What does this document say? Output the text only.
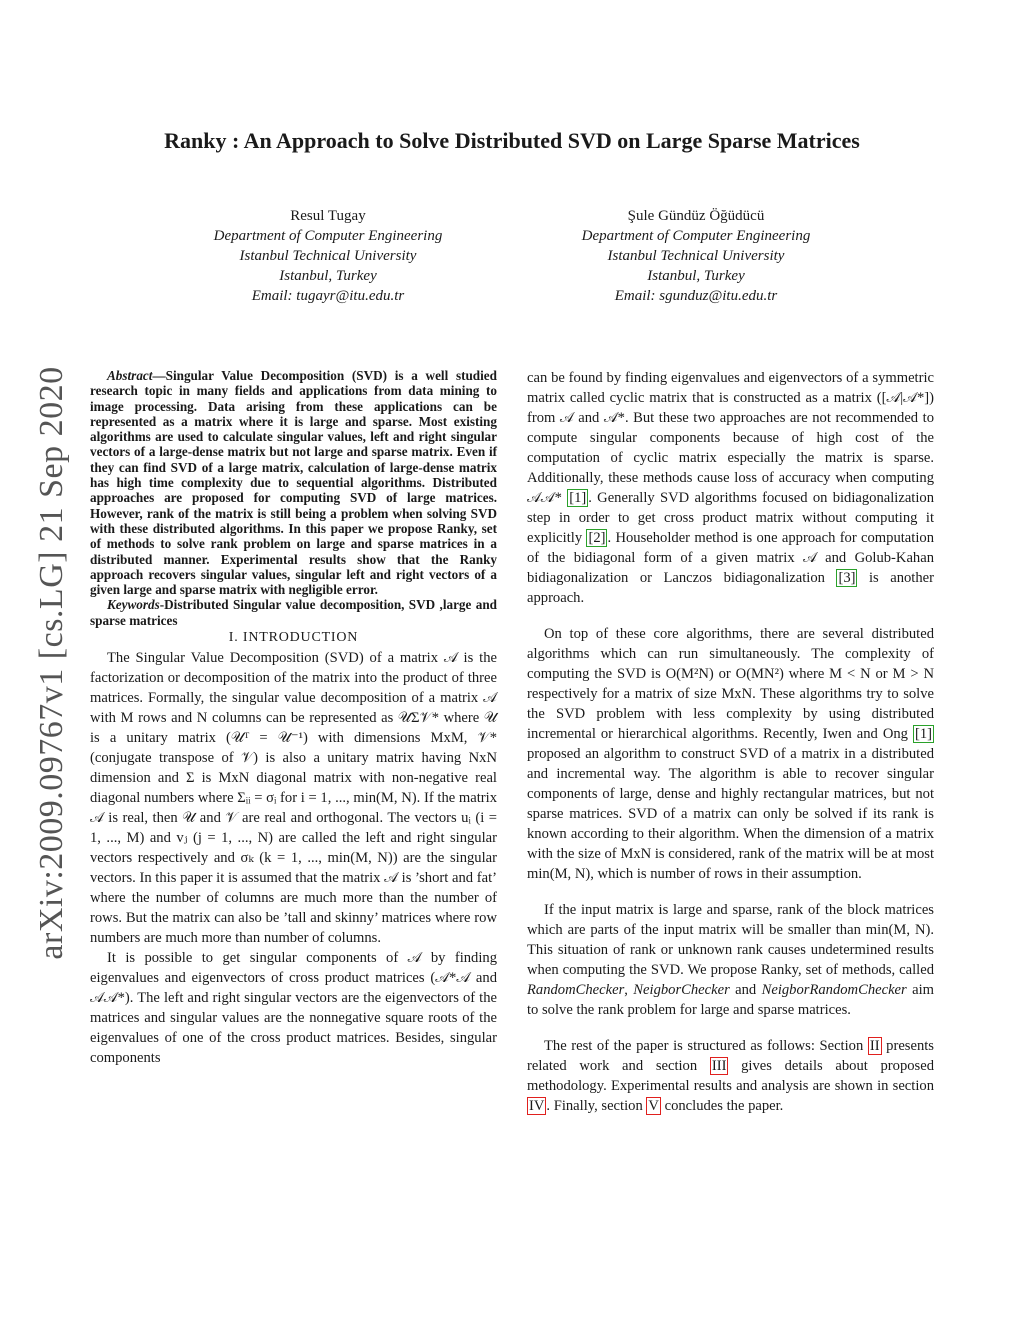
arXiv:2009.09767v1 [cs.LG] 21 Sep 2020
Ranky : An Approach to Solve Distributed SVD on Large Sparse Matrices
Resul Tugay
Department of Computer Engineering
Istanbul Technical University
Istanbul, Turkey
Email: tugayr@itu.edu.tr
Şule Gündüz Öğüdücü
Department of Computer Engineering
Istanbul Technical University
Istanbul, Turkey
Email: sgunduz@itu.edu.tr

Abstract—Singular Value Decomposition (SVD) is a well studied research topic in many fields and applications from data mining to image processing. Data arising from these applications can be represented as a matrix where it is large and sparse. Most existing algorithms are used to calculate singular values, left and right singular vectors of a large-dense matrix but not large and sparse matrix. Even if they can find SVD of a large matrix, calculation of large-dense matrix has high time complexity due to sequential algorithms. Distributed approaches are proposed for computing SVD of large matrices. However, rank of the matrix is still being a problem when solving SVD with these distributed algorithms. In this paper we propose Ranky, set of methods to solve rank problem on large and sparse matrices in a distributed manner. Experimental results show that the Ranky approach recovers singular values, singular left and right vectors of a given large and sparse matrix with negligible error.

Keywords-Distributed Singular value decomposition, SVD ,large and sparse matrices

I. INTRODUCTION

The Singular Value Decomposition (SVD) of a matrix 𝒜 is the factorization or decomposition of the matrix into the product of three matrices. Formally, the singular value decomposition of a matrix 𝒜 with M rows and N columns can be represented as 𝒰Σ𝒱* where 𝒰 is a unitary matrix (𝒰ᵀ = 𝒰⁻¹) with dimensions MxM, 𝒱* (conjugate transpose of 𝒱) is also a unitary matrix having NxN dimension and Σ is MxN diagonal matrix with non-negative real diagonal numbers where Σᵢᵢ = σᵢ for i = 1, ..., min(M, N). If the matrix 𝒜 is real, then 𝒰 and 𝒱 are real and orthogonal. The vectors uᵢ (i = 1, ..., M) and vⱼ (j = 1, ..., N) are called the left and right singular vectors respectively and σₖ (k = 1, ..., min(M, N)) are the singular vectors. In this paper it is assumed that the matrix 𝒜 is ’short and fat’ where the number of columns are much more than the number of rows. But the matrix can also be ’tall and skinny’ matrices where row numbers are much more than number of columns.

It is possible to get singular components of 𝒜 by finding eigenvalues and eigenvectors of cross product matrices (𝒜*𝒜 and 𝒜𝒜*). The left and right singular vectors are the eigenvectors of the matrices and singular values are the nonnegative square roots of the eigenvalues of one of the cross product matrices. Besides, singular components

can be found by finding eigenvalues and eigenvectors of a symmetric matrix called cyclic matrix that is constructed as a matrix ([𝒜|𝒜*]) from 𝒜 and 𝒜*. But these two approaches are not recommended to compute singular components because of high cost of the computation of cyclic matrix especially the matrix is sparse. Additionally, these methods cause loss of accuracy when computing 𝒜𝒜* [1] . Generally SVD algorithms focused on bidiagonalization step in order to get cross product matrix without computing it explicitly [2] . Householder method is one approach for computation of the bidiagonal form of a given matrix 𝒜 and Golub-Kahan bidiagonalization or Lanczos bidiagonalization [3] is another approach.

On top of these core algorithms, there are several distributed algorithms which can run simultaneously. The complexity of computing the SVD is O(M²N) or O(MN²) where M < N or M > N respectively for a matrix of size MxN. These algorithms try to solve the SVD problem with less complexity by using distributed incremental or hierarchical algorithms. Recently, Iwen and Ong [1] proposed an algorithm to construct SVD of a matrix in a distributed and incremental way. The algorithm is able to recover singular components of large, dense and highly rectangular matrices, but not sparse matrices. SVD of a matrix can only be solved if its rank is known according to their algorithm. When the dimension of a matrix with the size of MxN is considered, rank of the matrix will be at most min(M, N), which is number of rows in their assumption.

If the input matrix is large and sparse, rank of the block matrices which are parts of the input matrix will be smaller than min(M, N). This situation of rank or unknown rank causes undetermined results when computing the SVD. We propose Ranky, set of methods, called RandomChecker, NeigborChecker and NeigborRandomChecker aim to solve the rank problem for large and sparse matrices.

The rest of the paper is structured as follows: Section II presents related work and section III gives details about proposed methodology. Experimental results and analysis are shown in section IV . Finally, section V concludes the paper.
